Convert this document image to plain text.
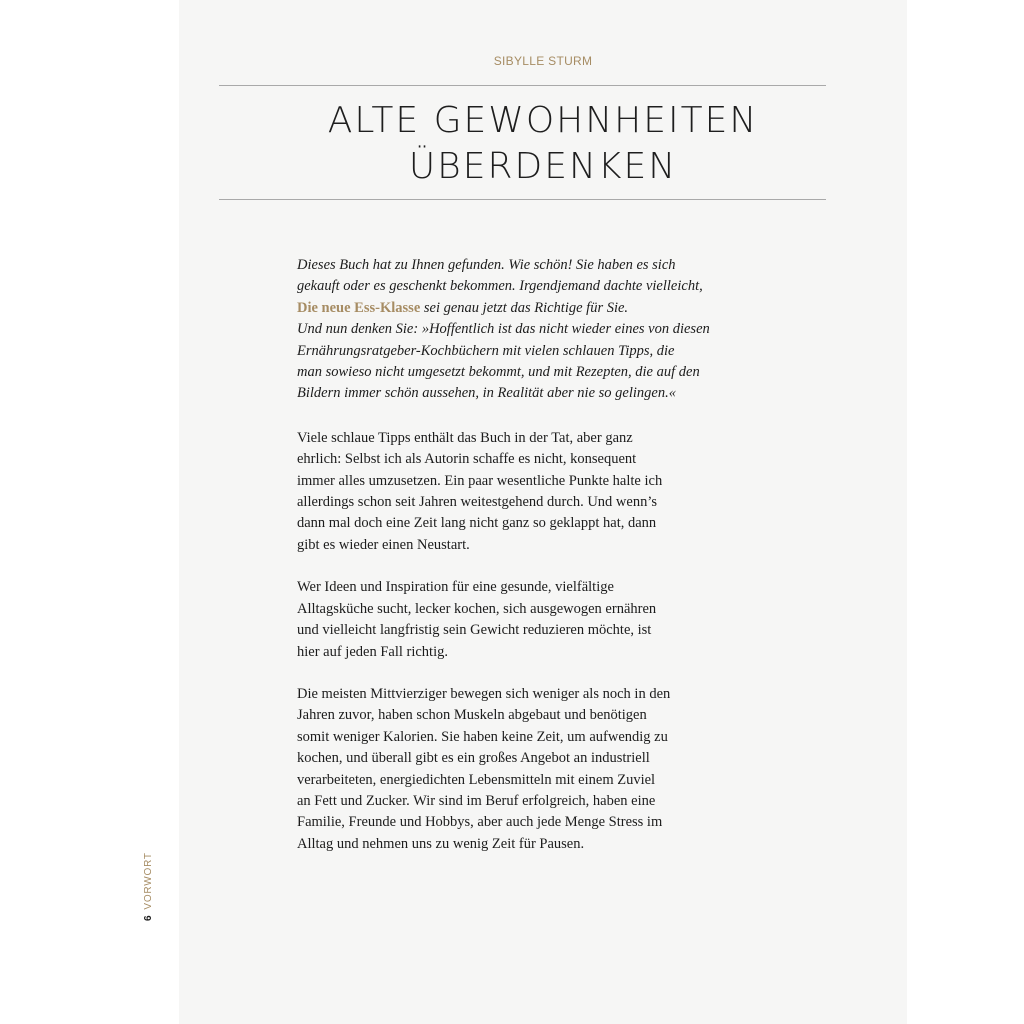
SIBYLLE STURM

ALTE GEWOHNHEITEN
ÜBERDENKEN

Dieses Buch hat zu Ihnen gefunden. Wie schön! Sie haben es sich
gekauft oder es geschenkt bekommen. Irgendjemand dachte vielleicht,
Die neue Ess-Klasse sei genau jetzt das Richtige für Sie.
Und nun denken Sie: »Hoffentlich ist das nicht wieder eines von diesen
Ernährungsratgeber-Kochbüchern mit vielen schlauen Tipps, die
man sowieso nicht umgesetzt bekommt, und mit Rezepten, die auf den
Bildern immer schön aussehen, in Realität aber nie so gelingen.«

Viele schlaue Tipps enthält das Buch in der Tat, aber ganz
ehrlich: Selbst ich als Autorin schaffe es nicht, konsequent
immer alles umzusetzen. Ein paar wesentliche Punkte halte ich
allerdings schon seit Jahren weitestgehend durch. Und wenn’s
dann mal doch eine Zeit lang nicht ganz so geklappt hat, dann
gibt es wieder einen Neustart.

Wer Ideen und Inspiration für eine gesunde, vielfältige
Alltagsküche sucht, lecker kochen, sich ausgewogen ernähren
und vielleicht langfristig sein Gewicht reduzieren möchte, ist
hier auf jeden Fall richtig.

Die meisten Mittvierziger bewegen sich weniger als noch in den
Jahren zuvor, haben schon Muskeln abgebaut und benötigen
somit weniger Kalorien. Sie haben keine Zeit, um aufwendig zu
kochen, und überall gibt es ein großes Angebot an industriell
verarbeiteten, energiedichten Lebensmitteln mit einem Zuviel
an Fett und Zucker. Wir sind im Beruf erfolgreich, haben eine
Familie, Freunde und Hobbys, aber auch jede Menge Stress im
Alltag und nehmen uns zu wenig Zeit für Pausen.

6VORWORT
